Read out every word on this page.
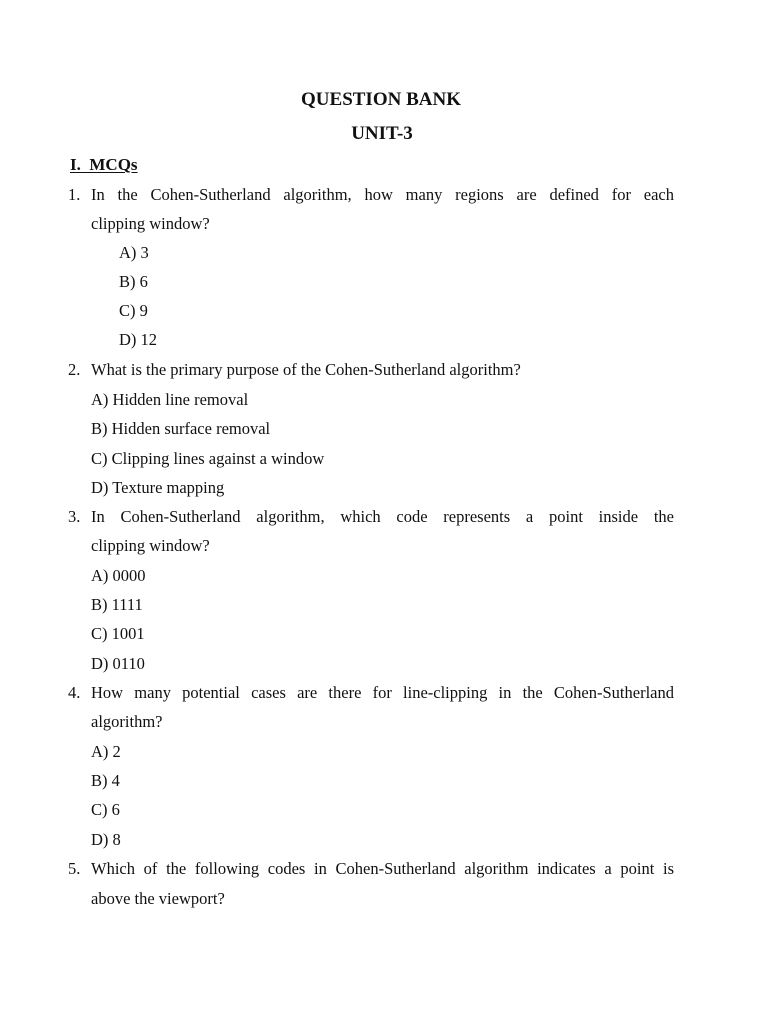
QUESTION BANK
UNIT-3
I.  MCQs
1. In the Cohen-Sutherland algorithm, how many regions are defined for each
clipping window?
A) 3
B) 6
C) 9
D) 12
2. What is the primary purpose of the Cohen-Sutherland algorithm?
A) Hidden line removal
B) Hidden surface removal
C) Clipping lines against a window
D) Texture mapping
3. In Cohen-Sutherland algorithm, which code represents a point inside the
clipping window?
A) 0000
B) 1111
C) 1001
D) 0110
4. How many potential cases are there for line-clipping in the Cohen-Sutherland
algorithm?
A) 2
B) 4
C) 6
D) 8
5. Which of the following codes in Cohen-Sutherland algorithm indicates a point is
above the viewport?
